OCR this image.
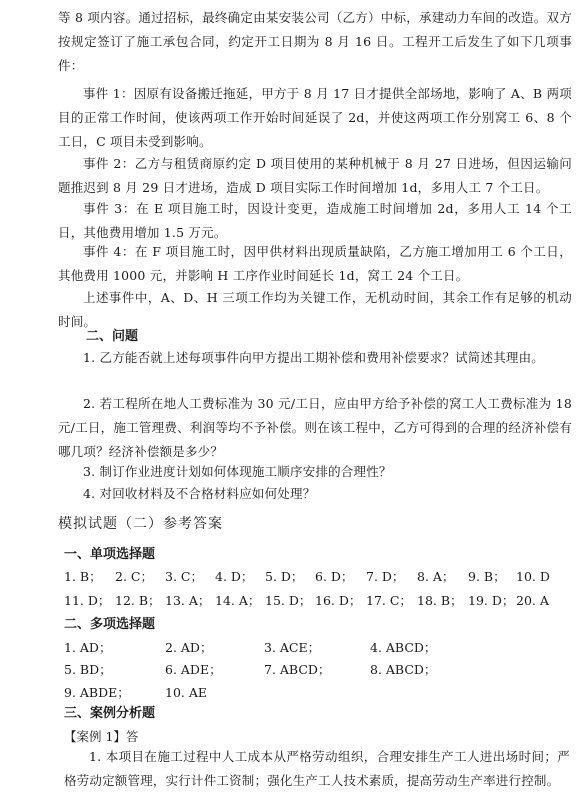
等 8 项内容。通过招标，最终确定由某安装公司（乙方）中标，承建动力车间的改造。双方按规定签订了施工承包合同，约定开工日期为 8 月 16 日。工程开工后发生了如下几项事件：
事件 1：因原有设备搬迁拖延，甲方于 8 月 17 日才提供全部场地，影响了 A、B 两项目的正常工作时间，使该两项工作开始时间延误了 2d，并使这两项工作分别窝工 6、8 个工日，C 项目未受到影响。
事件 2：乙方与租赁商原约定 D 项目使用的某种机械于 8 月 27 日进场，但因运输问题推迟到 8 月 29 日才进场，造成 D 项目实际工作时间增加 1d，多用人工 7 个工日。
事件 3：在 E 项目施工时，因设计变更，造成施工时间增加 2d，多用人工 14 个工日，其他费用增加 1.5 万元。
事件 4：在 F 项目施工时，因甲供材料出现质量缺陷，乙方施工增加用工 6 个工日，其他费用 1000 元，并影响 H 工序作业时间延长 1d，窝工 24 个工日。
上述事件中，A、D、H 三项工作均为关键工作，无机动时间，其余工作有足够的机动时间。
二、问题
1. 乙方能否就上述每项事件向甲方提出工期补偿和费用补偿要求？试简述其理由。
2. 若工程所在地人工费标准为 30 元/工日，应由甲方给予补偿的窝工人工费标准为 18 元/工日，施工管理费、利润等均不予补偿。则在该工程中，乙方可得到的合理的经济补偿有哪几项？经济补偿额是多少？
3. 制订作业进度计划如何体现施工顺序安排的合理性？
4. 对回收材料及不合格材料应如何处理？
模拟试题（二）参考答案
一、单项选择题
1. B； 2. C； 3. C； 4. D； 5. D； 6. D； 7. D； 8. A； 9. B； 10. D
11. D； 12. B； 13. A； 14. A； 15. D； 16. D； 17. C； 18. B； 19. D； 20. A
二、多项选择题
1. AD；	2. AD；	3. ACE；	4. ABCD；
5. BD；	6. ADE；	7. ABCD；	8. ABCD；
9. ABDE；	10. AE
三、案例分析题
【案例 1】答
1. 本项目在施工过程中人工成本从严格劳动组织，合理安排生产工人进出场时间；严格劳动定额管理，实行计件工资制；强化生产工人技术素质，提高劳动生产率进行控制。
